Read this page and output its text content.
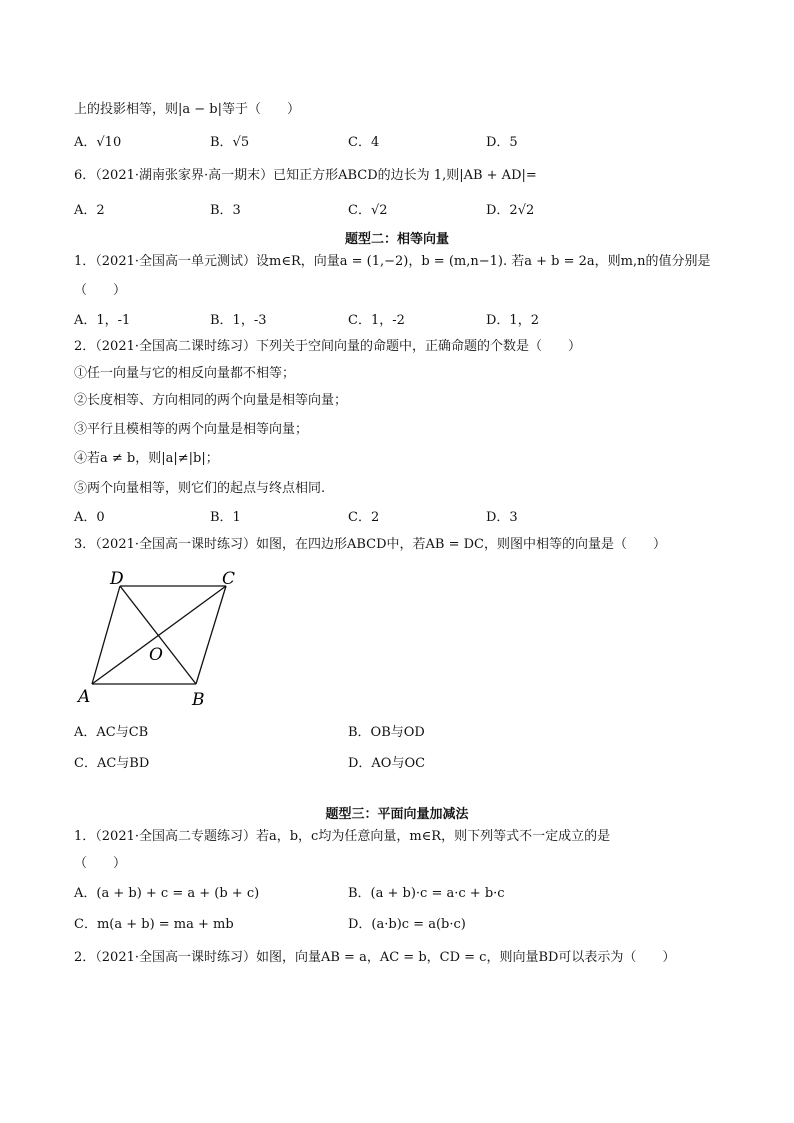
上的投影相等，则|a − b|等于（　　）
A．√10	B．√5	C．4	D．5
6．（2021·湖南张家界·高一期末）已知正方形ABCD的边长为 1,则|AB + AD|=
A．2	B．3	C．√2	D．2√2
题型二：相等向量
1．（2021·全国高一单元测试）设m∈R，向量a = (1,−2)，b = (m,n−1). 若a + b = 2a，则m,n的值分别是
（　　）
A．1，-1	B．1，-3	C．1，-2	D．1，2
2．（2021·全国高二课时练习）下列关于空间向量的命题中，正确命题的个数是（　　）
①任一向量与它的相反向量都不相等；
②长度相等、方向相同的两个向量是相等向量；
③平行且模相等的两个向量是相等向量；
④若a ≠ b，则|a|≠|b|；
⑤两个向量相等，则它们的起点与终点相同.
A．0	B．1	C．2	D．3
3．（2021·全国高一课时练习）如图，在四边形ABCD中，若AB = DC，则图中相等的向量是（　　）
D	C
O
A	B
A．AC与CB	B．OB与OD
C．AC与BD	D．AO与OC
题型三：平面向量加减法
1．（2021·全国高二专题练习）若a，b，c均为任意向量，m∈R，则下列等式不一定成立的是
（　　）
A．(a + b) + c = a + (b + c)	B．(a + b)·c = a·c + b·c
C．m(a + b) = ma + mb	D．(a·b)c = a(b·c)
2．（2021·全国高一课时练习）如图，向量AB = a，AC = b，CD = c，则向量BD可以表示为（　　）
